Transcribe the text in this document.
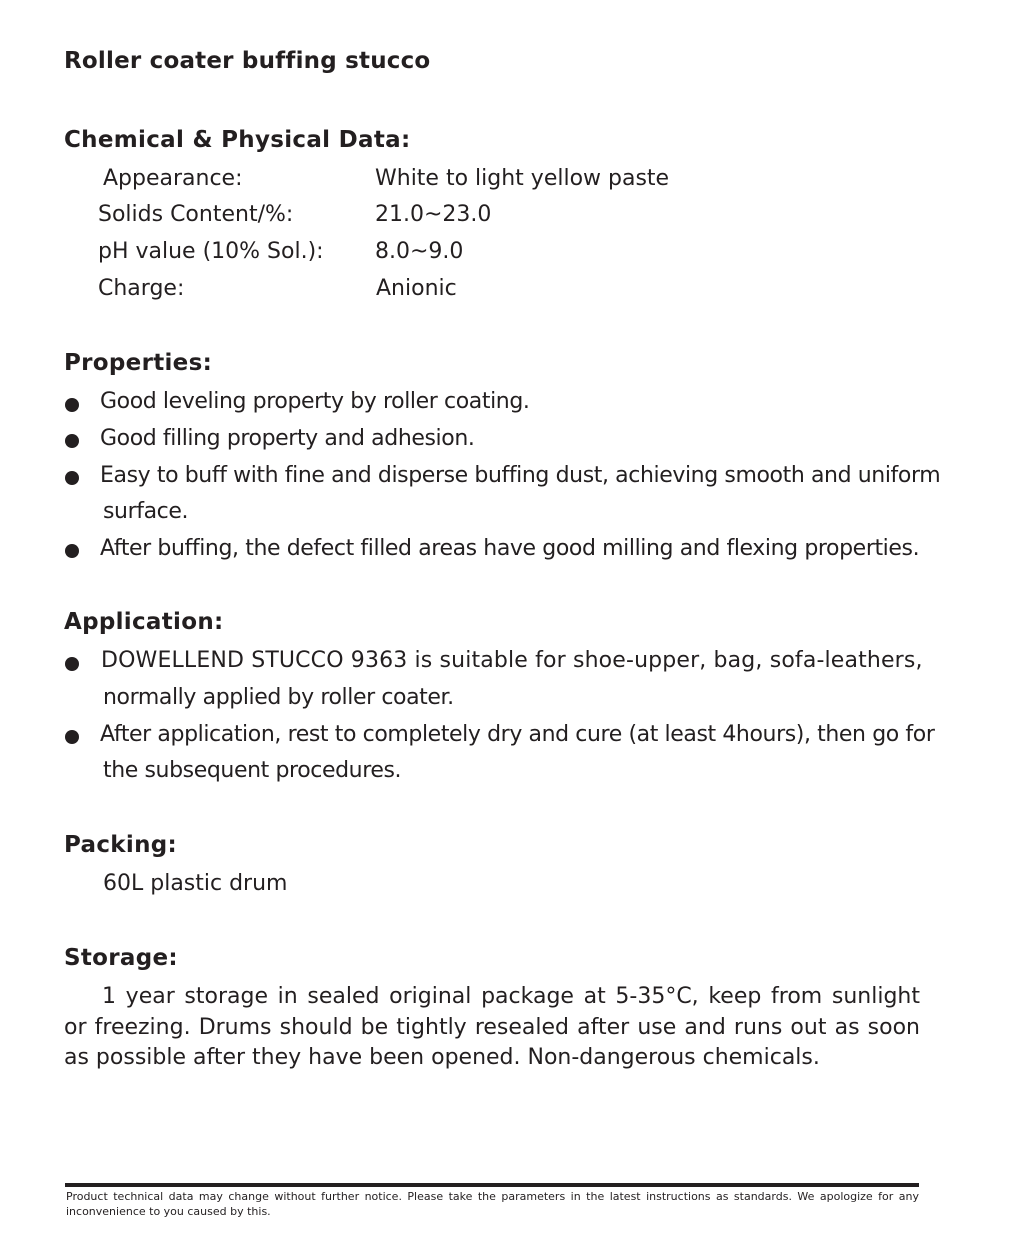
Roller coater buffing stucco
Chemical & Physical Data:
Appearance:	White to light yellow paste
Solids Content/%:	21.0~23.0
pH value (10% Sol.): 8.0~9.0
Charge:	Anionic
Properties:
Good leveling property by roller coating.
Good filling property and adhesion.
Easy to buff with fine and disperse buffing dust, achieving smooth and uniform
surface.
After buffing, the defect filled areas have good milling and flexing properties.
Application:
DOWELLEND STUCCO 9363 is suitable for shoe-upper, bag, sofa-leathers,
normally applied by roller coater.
After application, rest to completely dry and cure (at least 4hours), then go for
the subsequent procedures.
Packing:
60L plastic drum
Storage:
1 year storage in sealed original package at 5-35°C, keep from sunlight or freezing. Drums should be tightly resealed after use and runs out as soon as possible after they have been opened. Non-dangerous chemicals.
Product technical data may change without further notice. Please take the parameters in the latest instructions as standards. We apologize for any inconvenience to you caused by this.
